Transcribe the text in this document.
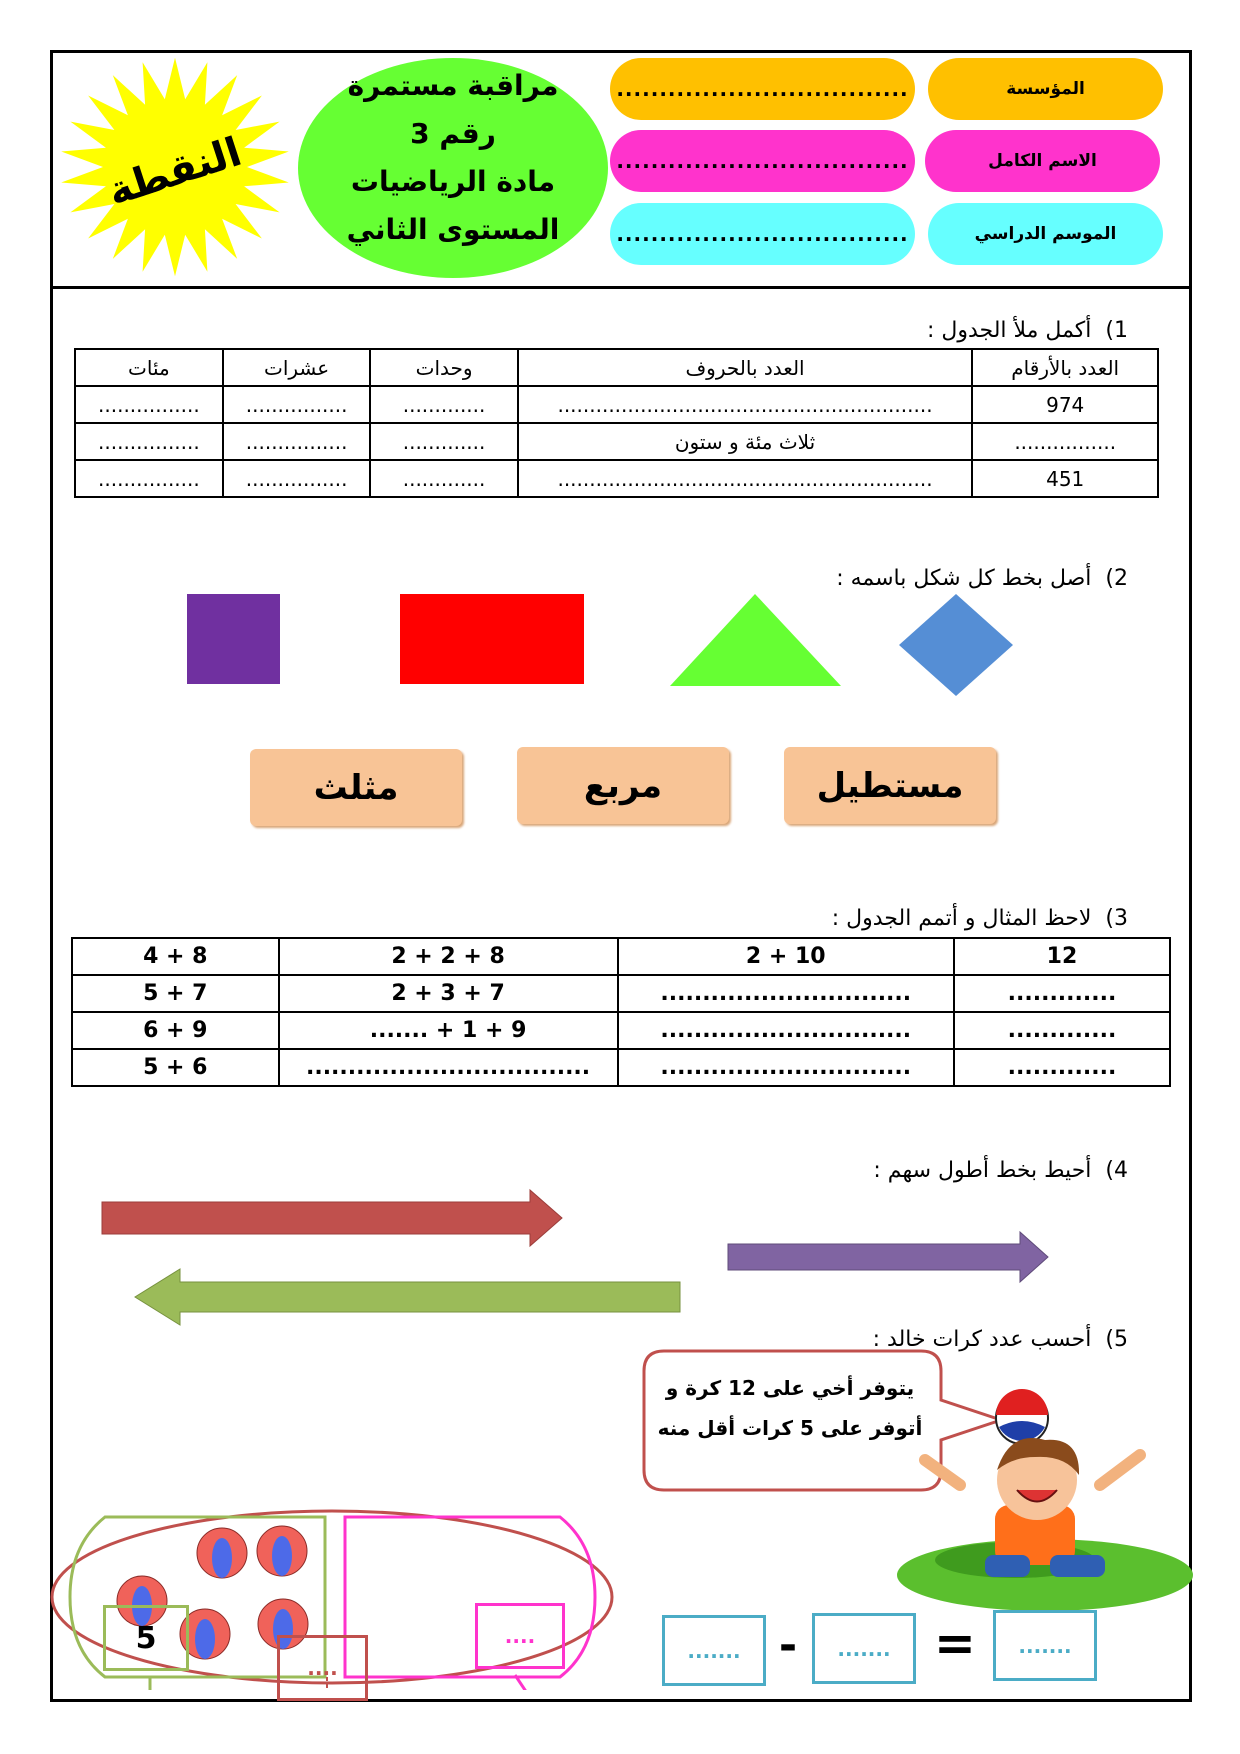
النقطة
مراقبة مستمرة
رقم 3
مادة الرياضيات
المستوى الثاني
المؤسسة
..................................
الاسم الكامل
..................................
الموسم الدراسي
..................................
1)  أكمل ملأ الجدول :
العدد بالأرقام	العدد بالحروف	وحدات	عشرات	مئات
974	...........................................................	.............	................	................
................	ثلاث مئة و ستون	.............	................	................
451	...........................................................	.............	................	................
2)  أصل بخط كل شكل باسمه :
مستطيل
مربع
مثلث
3)  لاحظ المثال و أتمم الجدول :
12	10 + 2	8 + 2 + 2	8 + 4
.............	..............................	7 + 3 + 2	7 + 5
.............	..............................	9 + 1 + .......	9 + 6
.............	..............................	..................................	6 + 5
4)  أحيط بخط أطول سهم :
5)  أحسب عدد كرات خالد :
يتوفر أخي على 12 كرة و
أتوفر على 5 كرات أقل منه
5
....
....
....... -	....... =	.......
